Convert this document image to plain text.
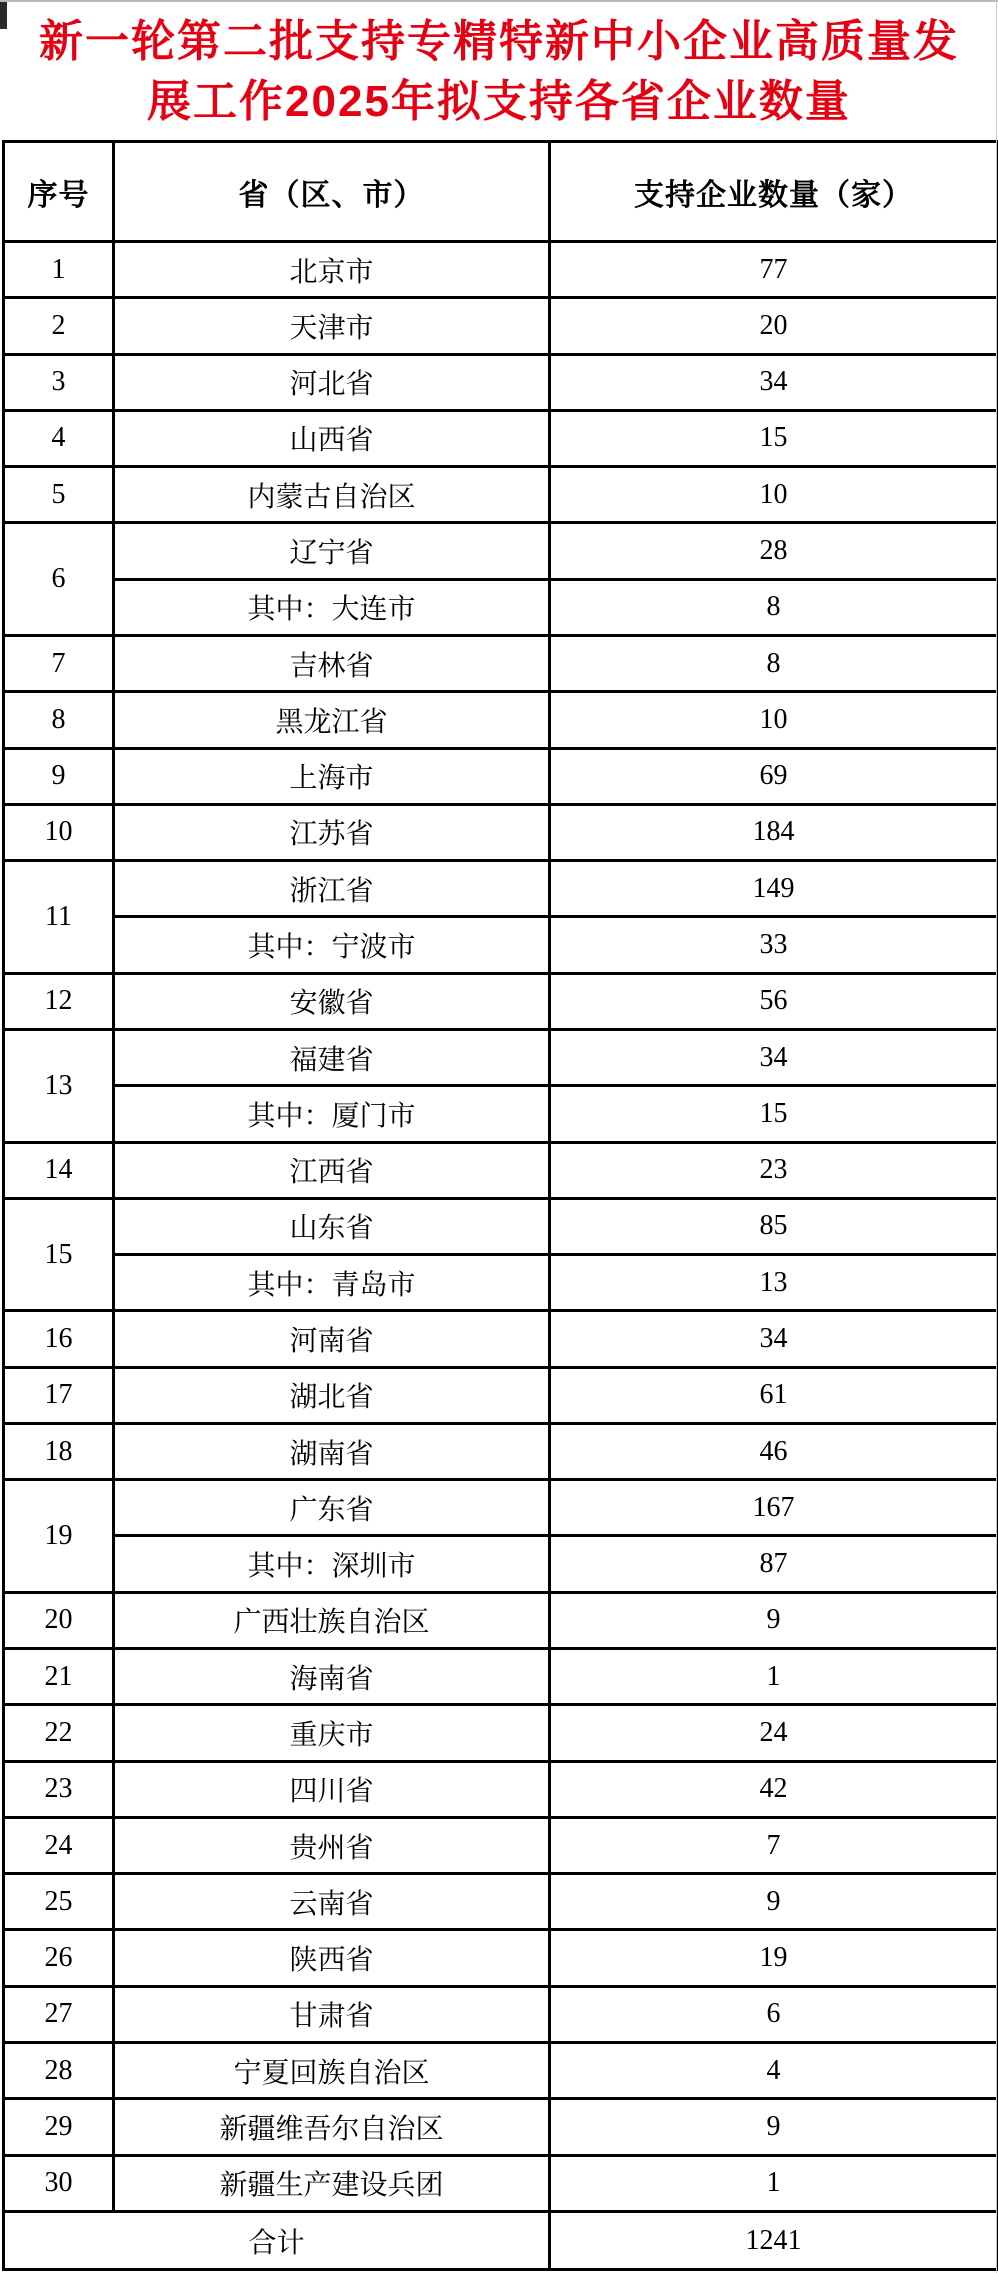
新一轮第二批支持专精特新中小企业高质量发
展工作2025年拟支持各省企业数量
序号	省（区、市）	支持企业数量（家）
1	北京市	77
2	天津市	20
3	河北省	34
4	山西省	15
5	内蒙古自治区	10
6	辽宁省	28
	其中：大连市	8
7	吉林省	8
8	黑龙江省	10
9	上海市	69
10	江苏省	184
11	浙江省	149
	其中：宁波市	33
12	安徽省	56
13	福建省	34
	其中：厦门市	15
14	江西省	23
15	山东省	85
	其中：青岛市	13
16	河南省	34
17	湖北省	61
18	湖南省	46
19	广东省	167
	其中：深圳市	87
20	广西壮族自治区	9
21	海南省	1
22	重庆市	24
23	四川省	42
24	贵州省	7
25	云南省	9
26	陕西省	19
27	甘肃省	6
28	宁夏回族自治区	4
29	新疆维吾尔自治区	9
30	新疆生产建设兵团	1
合计		1241
